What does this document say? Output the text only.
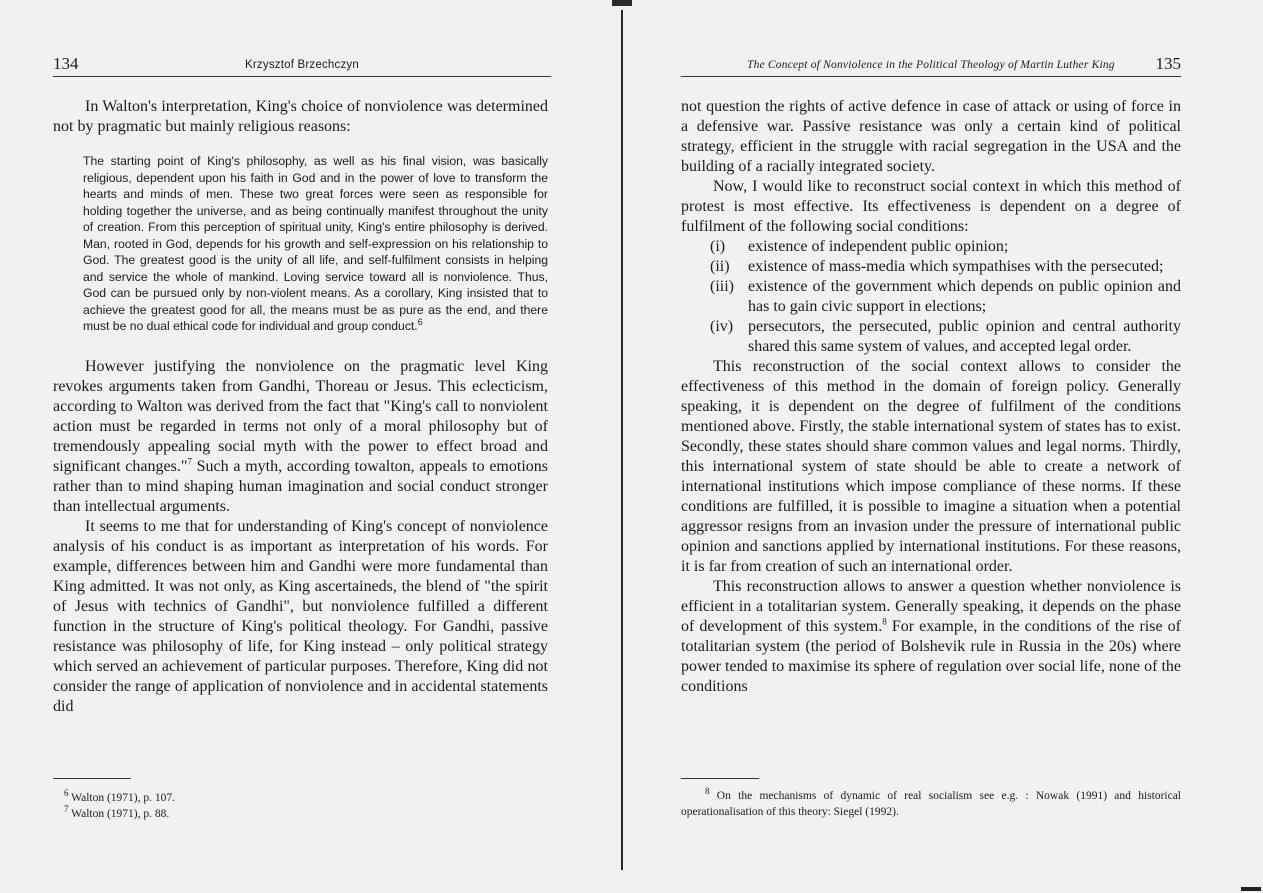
134	Krzysztof Brzechczyn

In Walton's interpretation, King's choice of nonviolence was determined not by pragmatic but mainly religious reasons:

The starting point of King's philosophy, as well as his final vision, was basically religious, dependent upon his faith in God and in the power of love to transform the hearts and minds of men. These two great forces were seen as responsible for holding together the universe, and as being continually manifest throughout the unity of creation. From this perception of spiritual unity, King's entire philosophy is derived. Man, rooted in God, depends for his growth and self-expression on his relationship to God. The greatest good is the unity of all life, and self-fulfilment consists in helping and service the whole of mankind. Loving service toward all is nonviolence. Thus, God can be pursued only by non-violent means. As a corollary, King insisted that to achieve the greatest good for all, the means must be as pure as the end, and there must be no dual ethical code for individual and group conduct.$^6$

However justifying the nonviolence on the pragmatic level King revokes arguments taken from Gandhi, Thoreau or Jesus. This eclecticism, according to Walton was derived from the fact that "King's call to nonviolent action must be regarded in terms not only of a moral philosophy but of tremendously appealing social myth with the power to effect broad and significant changes."$^7$ Such a myth, according towalton, appeals to emotions rather than to mind shaping human imagination and social conduct stronger than intellectual arguments.

It seems to me that for understanding of King's concept of nonviolence analysis of his conduct is as important as interpretation of his words. For example, differences between him and Gandhi were more fundamental than King admitted. It was not only, as King ascertaineds, the blend of "the spirit of Jesus with technics of Gandhi", but nonviolence fulfilled a different function in the structure of King's political theology. For Gandhi, passive resistance was philosophy of life, for King instead – only political strategy which served an achievement of particular purposes. Therefore, King did not consider the range of application of nonviolence and in accidental statements did

$^6$ Walton (1971), p. 107.
$^7$ Walton (1971), p. 88.
The Concept of Nonviolence in the Political Theology of Martin Luther King 135

not question the rights of active defence in case of attack or using of force in a defensive war. Passive resistance was only a certain kind of political strategy, efficient in the struggle with racial segregation in the USA and the building of a racially integrated society.

Now, I would like to reconstruct social context in which this method of protest is most effective. Its effectiveness is dependent on a degree of fulfilment of the following social conditions:

(i) existence of independent public opinion;
(ii) existence of mass-media which sympathises with the persecuted;
(iii) existence of the government which depends on public opinion and has to gain civic support in elections;
(iv) persecutors, the persecuted, public opinion and central authority shared this same system of values, and accepted legal order.

This reconstruction of the social context allows to consider the effectiveness of this method in the domain of foreign policy. Generally speaking, it is dependent on the degree of fulfilment of the conditions mentioned above. Firstly, the stable international system of states has to exist. Secondly, these states should share common values and legal norms. Thirdly, this international system of state should be able to create a network of international institutions which impose compliance of these norms. If these conditions are fulfilled, it is possible to imagine a situation when a potential aggressor resigns from an invasion under the pressure of international public opinion and sanctions applied by international institutions. For these reasons, it is far from creation of such an international order.

This reconstruction allows to answer a question whether nonviolence is efficient in a totalitarian system. Generally speaking, it depends on the phase of development of this system.$^8$ For example, in the conditions of the rise of totalitarian system (the period of Bolshevik rule in Russia in the 20s) where power tended to maximise its sphere of regulation over social life, none of the conditions

$^8$ On the mechanisms of dynamic of real socialism see e.g. : Nowak (1991) and historical operationalisation of this theory: Siegel (1992).
